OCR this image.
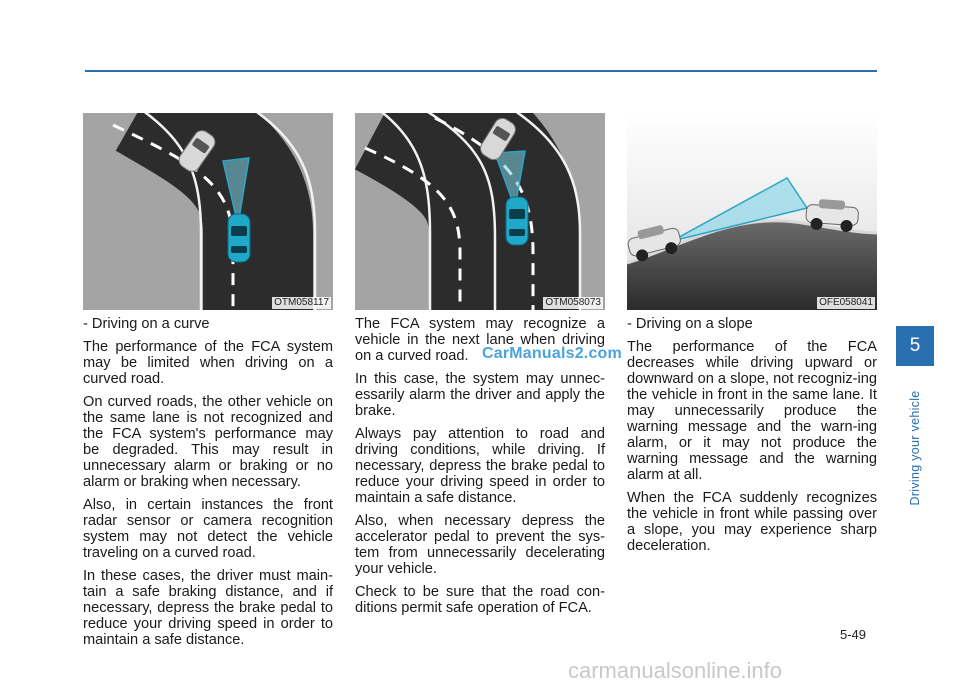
OTM058117	OTM058073	OFE058041

- Driving on a curve

The performance of the FCA system may be limited when driving on a curved road.

On curved roads, the other vehicle on the same lane is not recognized and the FCA system's performance may be degraded. This may result in unnecessary alarm or braking or no alarm or braking when necessary.

Also, in certain instances the front radar sensor or camera recognition system may not detect the vehicle traveling on a curved road.

In these cases, the driver must main-tain a safe braking distance, and if necessary, depress the brake pedal to reduce your driving speed in order to maintain a safe distance.

The FCA system may recognize a vehicle in the next lane when driving on a curved road.

In this case, the system may unnec-essarily alarm the driver and apply the brake.

Always pay attention to road and driving conditions, while driving. If necessary, depress the brake pedal to reduce your driving speed in order to maintain a safe distance.

Also, when necessary depress the accelerator pedal to prevent the sys-tem from unnecessarily decelerating your vehicle.

Check to be sure that the road con-ditions permit safe operation of FCA.

- Driving on a slope

The performance of the FCA decreases while driving upward or downward on a slope, not recogniz-ing the vehicle in front in the same lane. It may unnecessarily produce the warning message and the warn-ing alarm, or it may not produce the warning message and the warning alarm at all.

When the FCA suddenly recognizes the vehicle in front while passing over a slope, you may experience sharp deceleration.

CarManuals2.com	5
Driving your vehicle
5-49
carmanualsonline.info
